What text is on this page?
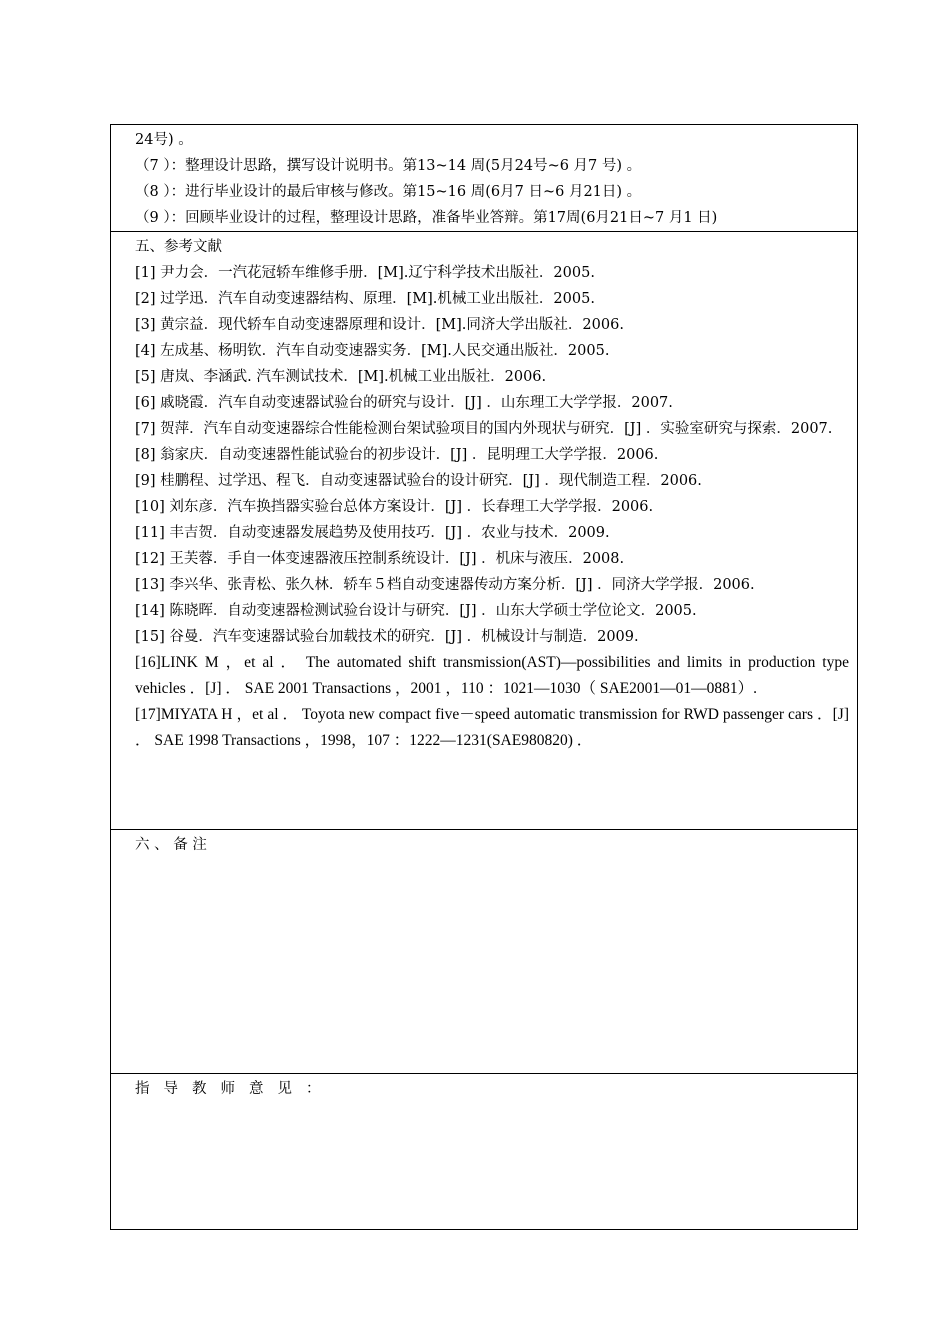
24号) 。
（7 ）：整理设计思路，撰写设计说明书。第13~14 周(5月24号~6 月7 号) 。
（8 ）：进行毕业设计的最后审核与修改。第15~16 周(6月7 日~6 月21日) 。
（9 ）：回顾毕业设计的过程，整理设计思路，准备毕业答辩。第17周(6月21日~7 月1 日)
五、参考文献
[1] 尹力会．一汽花冠轿车维修手册．[M].辽宁科学技术出版社．2005.
[2] 过学迅．汽车自动变速器结构、原理．[M].机械工业出版社．2005.
[3] 黄宗益．现代轿车自动变速器原理和设计．[M].同济大学出版社．2006.
[4] 左成基、杨明钦．汽车自动变速器实务．[M].人民交通出版社．2005.
[5] 唐岚、李涵武. 汽车测试技术．[M].机械工业出版社．2006.
[6] 戚晓霞．汽车自动变速器试验台的研究与设计．[J] ．山东理工大学学报．2007.
[7] 贺萍．汽车自动变速器综合性能检测台架试验项目的国内外现状与研究．[J] ．实验室研究与探索．2007.
[8] 翁家庆．自动变速器性能试验台的初步设计．[J] ．昆明理工大学学报．2006.
[9] 桂鹏程、过学迅、程飞．自动变速器试验台的设计研究．[J] ．现代制造工程．2006.
[10] 刘东彦．汽车换挡器实验台总体方案设计．[J] ．长春理工大学学报．2006.
[11] 丰吉贺．自动变速器发展趋势及使用技巧．[J] ．农业与技术．2009.
[12] 王芙蓉．手自一体变速器液压控制系统设计．[J] ．机床与液压．2008.
[13] 李兴华、张青松、张久林．轿车５档自动变速器传动方案分析．[J] ．同济大学学报．2006.
[14] 陈晓晖．自动变速器检测试验台设计与研究．[J] ．山东大学硕士学位论文．2005.
[15] 谷曼．汽车变速器试验台加载技术的研究．[J] ．机械设计与制造．2009.
[16]LINK M ，et al ． The automated shift transmission(AST)—possibilities and limits in production type vehicles ．[J] ． SAE 2001 Transactions ，2001 ，110 ：1021—1030（ SAE2001—01—0881）.
[17]MIYATA H ，et al ． Toyota new compact five－speed automatic transmission for RWD passenger cars ．[J] ． SAE 1998 Transactions ，1998，107 ：1222—1231(SAE980820) ．
六 、 备 注
指导教师意见：
